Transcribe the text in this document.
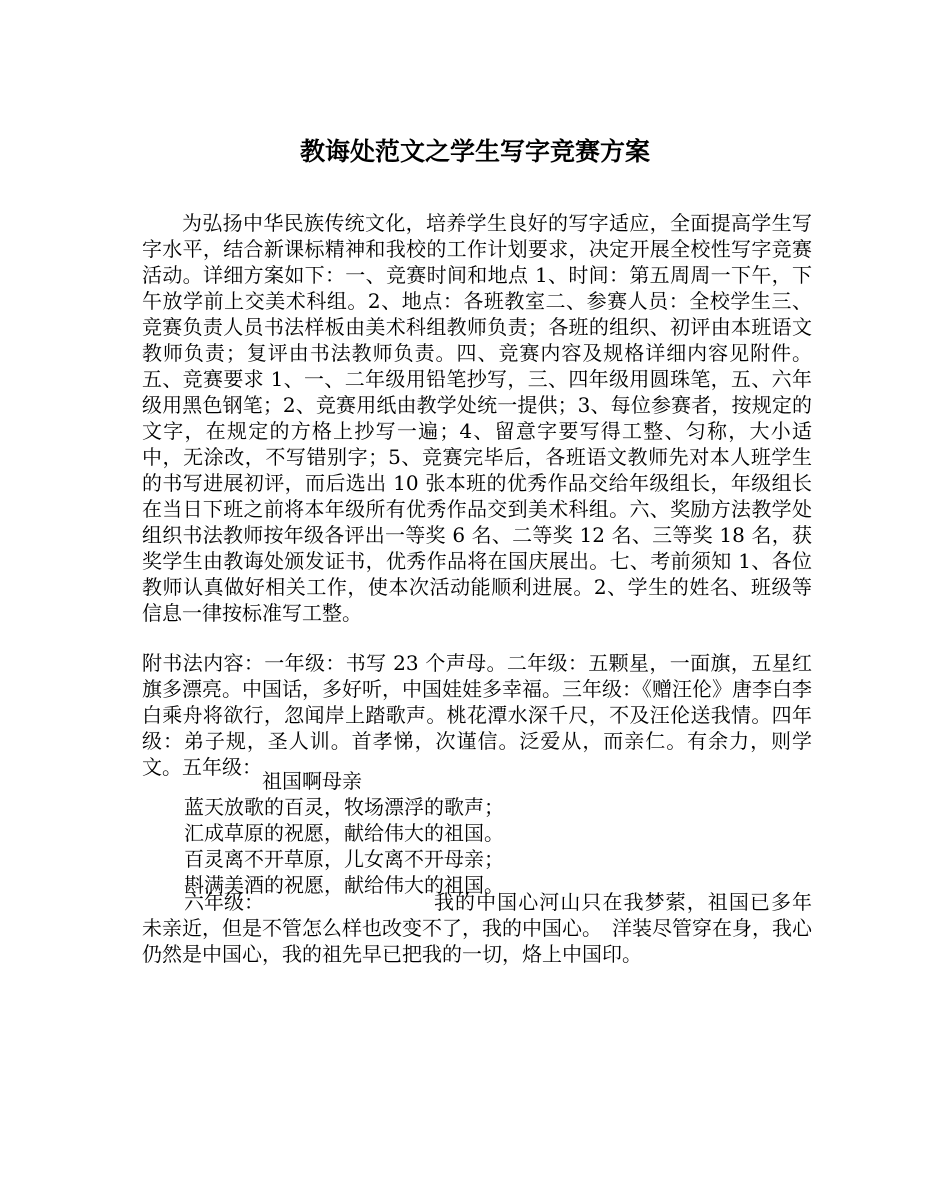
教诲处范文之学生写字竞赛方案
为弘扬中华民族传统文化，培养学生良好的写字适应，全面提高学生写字水平，结合新课标精神和我校的工作计划要求，决定开展全校性写字竞赛活动。详细方案如下：一、竞赛时间和地点 1、时间：第五周周一下午，下午放学前上交美术科组。2、地点：各班教室二、参赛人员：全校学生三、竞赛负责人员书法样板由美术科组教师负责；各班的组织、初评由本班语文教师负责；复评由书法教师负责。四、竞赛内容及规格详细内容见附件。五、竞赛要求 1、一、二年级用铅笔抄写，三、四年级用圆珠笔，五、六年级用黑色钢笔；2、竞赛用纸由教学处统一提供；3、每位参赛者，按规定的文字，在规定的方格上抄写一遍；4、留意字要写得工整、匀称，大小适中，无涂改，不写错别字；5、竞赛完毕后，各班语文教师先对本人班学生的书写进展初评，而后选出 10 张本班的优秀作品交给年级组长，年级组长在当日下班之前将本年级所有优秀作品交到美术科组。六、奖励方法教学处组织书法教师按年级各评出一等奖 6 名、二等奖 12 名、三等奖 18 名，获奖学生由教诲处颁发证书，优秀作品将在国庆展出。七、考前须知 1、各位教师认真做好相关工作，使本次活动能顺利进展。2、学生的姓名、班级等信息一律按标准写工整。
附书法内容：一年级：书写 23 个声母。二年级：五颗星，一面旗，五星红旗多漂亮。中国话，多好听，中国娃娃多幸福。三年级：《赠汪伦》唐李白李白乘舟将欲行，忽闻岸上踏歌声。桃花潭水深千尺，不及汪伦送我情。四年级：弟子规，圣人训。首孝悌，次谨信。泛爱从，而亲仁。有余力，则学文。五年级：
祖国啊母亲
蓝天放歌的百灵，牧场漂浮的歌声；
汇成草原的祝愿，献给伟大的祖国。
百灵离不开草原，儿女离不开母亲；
斟满美酒的祝愿，献给伟大的祖国。
六年级：	我的中国心河山只在我梦萦，祖国已多年未亲近，但是不管怎么样也改变不了，我的中国心。　洋装尽管穿在身，我心仍然是中国心，我的祖先早已把我的一切，烙上中国印。
